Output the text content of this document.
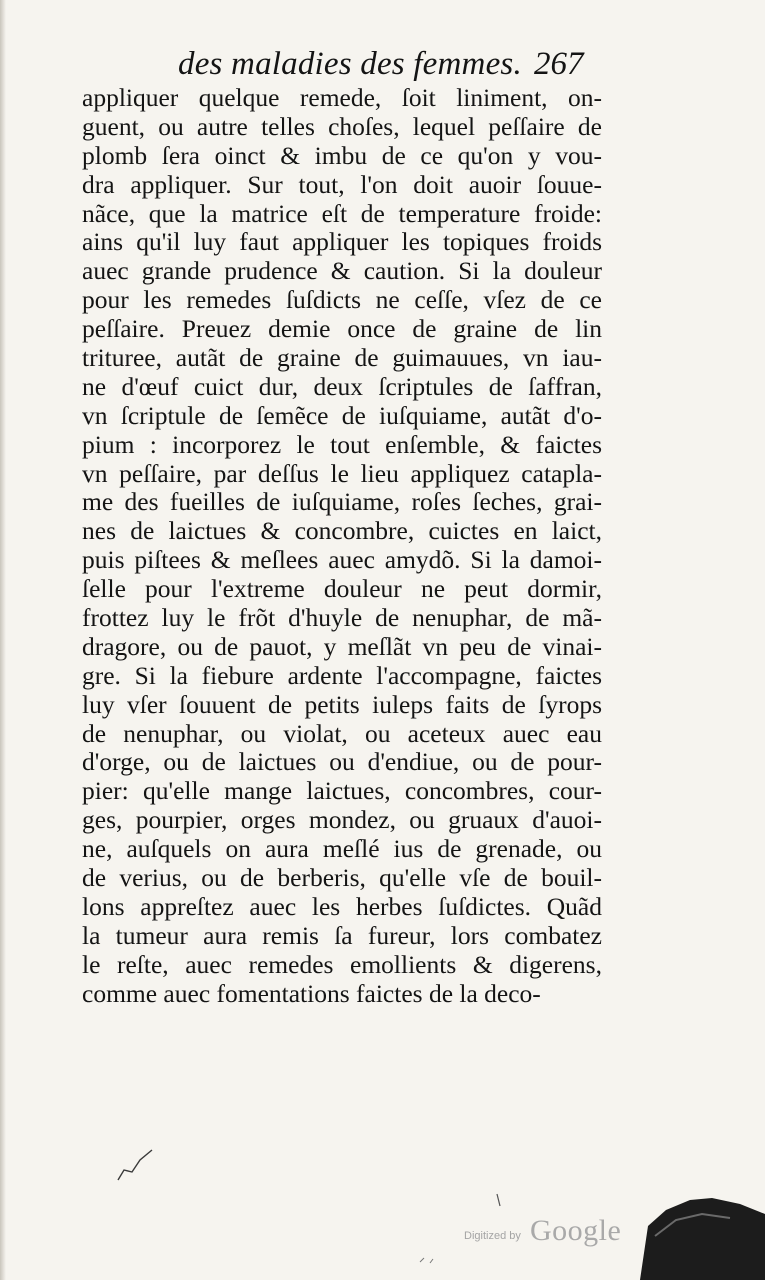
des maladies des femmes. 267
appliquer quelque remede, ſoit liniment, on-
guent, ou autre telles choſes, lequel peſſaire de
plomb ſera oinct & imbu de ce qu'on y vou-
dra appliquer. Sur tout, l'on doit auoir ſouue-
nãce, que la matrice eſt de temperature froide:
ains qu'il luy faut appliquer les topiques froids
auec grande prudence & caution. Si la douleur
pour les remedes ſuſdicts ne ceſſe, vſez de ce
peſſaire. Preuez demie once de graine de lin
trituree, autãt de graine de guimauues, vn iau-
ne d'œuf cuict dur, deux ſcriptules de ſaffran,
vn ſcriptule de ſemẽce de iuſquiame, autãt d'o-
pium : incorporez le tout enſemble, & faictes
vn peſſaire, par deſſus le lieu appliquez cataplа-
me des fueilles de iuſquiame, roſes ſeches, grai-
nes de laictues & concombre, cuictes en laict,
puis piſtees & meſlees auec amydõ. Si la damoi-
ſelle pour l'extreme douleur ne peut dormir,
frottez luy le frõt d'huyle de nenuphar, de mã-
dragore, ou de pauot, y meſlãt vn peu de vinai-
gre. Si la fiebure ardente l'accompagne, faictes
luy vſer ſouuent de petits iuleps faits de ſyrops
de nenuphar, ou violat, ou aceteux auec eau
d'orge, ou de laictues ou d'endiue, ou de pour-
pier: qu'elle mange laictues, concombres, cour-
ges, pourpier, orges mondez, ou gruaux d'auoi-
ne, auſquels on aura meſlé ius de grenade, ou
de verius, ou de berberis, qu'elle vſe de bouil-
lons appreſtez auec les herbes ſuſdictes. Quãd
la tumeur aura remis ſa fureur, lors combatez
le reſte, auec remedes emollients & digerens,
comme auec fomentations faictes de la deco-
Digitized by Google
